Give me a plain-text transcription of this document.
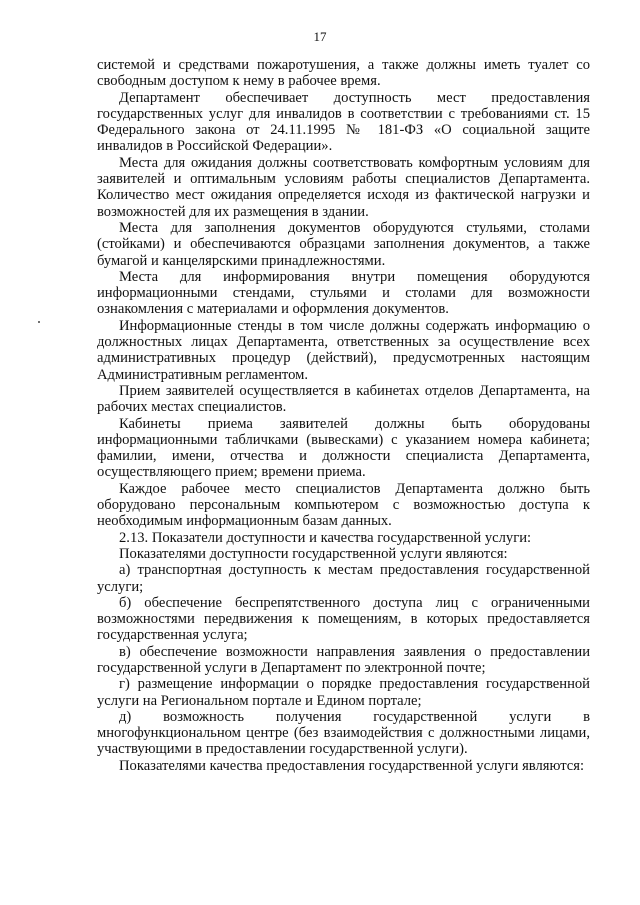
17

системой и средствами пожаротушения, а также должны иметь туалет со свободным доступом к нему в рабочее время.

Департамент обеспечивает доступность мест предоставления государственных услуг для инвалидов в соответствии с требованиями ст. 15 Федерального закона от 24.11.1995 № 181-ФЗ «О социальной защите инвалидов в Российской Федерации».

Места для ожидания должны соответствовать комфортным условиям для заявителей и оптимальным условиям работы специалистов Департамента. Количество мест ожидания определяется исходя из фактической нагрузки и возможностей для их размещения в здании.

Места для заполнения документов оборудуются стульями, столами (стойками) и обеспечиваются образцами заполнения документов, а также бумагой и канцелярскими принадлежностями.

Места для информирования внутри помещения оборудуются информационными стендами, стульями и столами для возможности ознакомления с материалами и оформления документов.

Информационные стенды в том числе должны содержать информацию о должностных лицах Департамента, ответственных за осуществление всех административных процедур (действий), предусмотренных настоящим Административным регламентом.

Прием заявителей осуществляется в кабинетах отделов Департамента, на рабочих местах специалистов.

Кабинеты приема заявителей должны быть оборудованы информационными табличками (вывесками) с указанием номера кабинета; фамилии, имени, отчества и должности специалиста Департамента, осуществляющего прием; времени приема.

Каждое рабочее место специалистов Департамента должно быть оборудовано персональным компьютером с возможностью доступа к необходимым информационным базам данных.

2.13. Показатели доступности и качества государственной услуги:

Показателями доступности государственной услуги являются:

а) транспортная доступность к местам предоставления государственной услуги;

б) обеспечение беспрепятственного доступа лиц с ограниченными возможностями передвижения к помещениям, в которых предоставляется государственная услуга;

в) обеспечение возможности направления заявления о предоставлении государственной услуги в Департамент по электронной почте;

г) размещение информации о порядке предоставления государственной услуги на Региональном портале и Едином портале;

д) возможность получения государственной услуги в многофункциональном центре (без взаимодействия с должностными лицами, участвующими в предоставлении государственной услуги).

Показателями качества предоставления государственной услуги являются:
